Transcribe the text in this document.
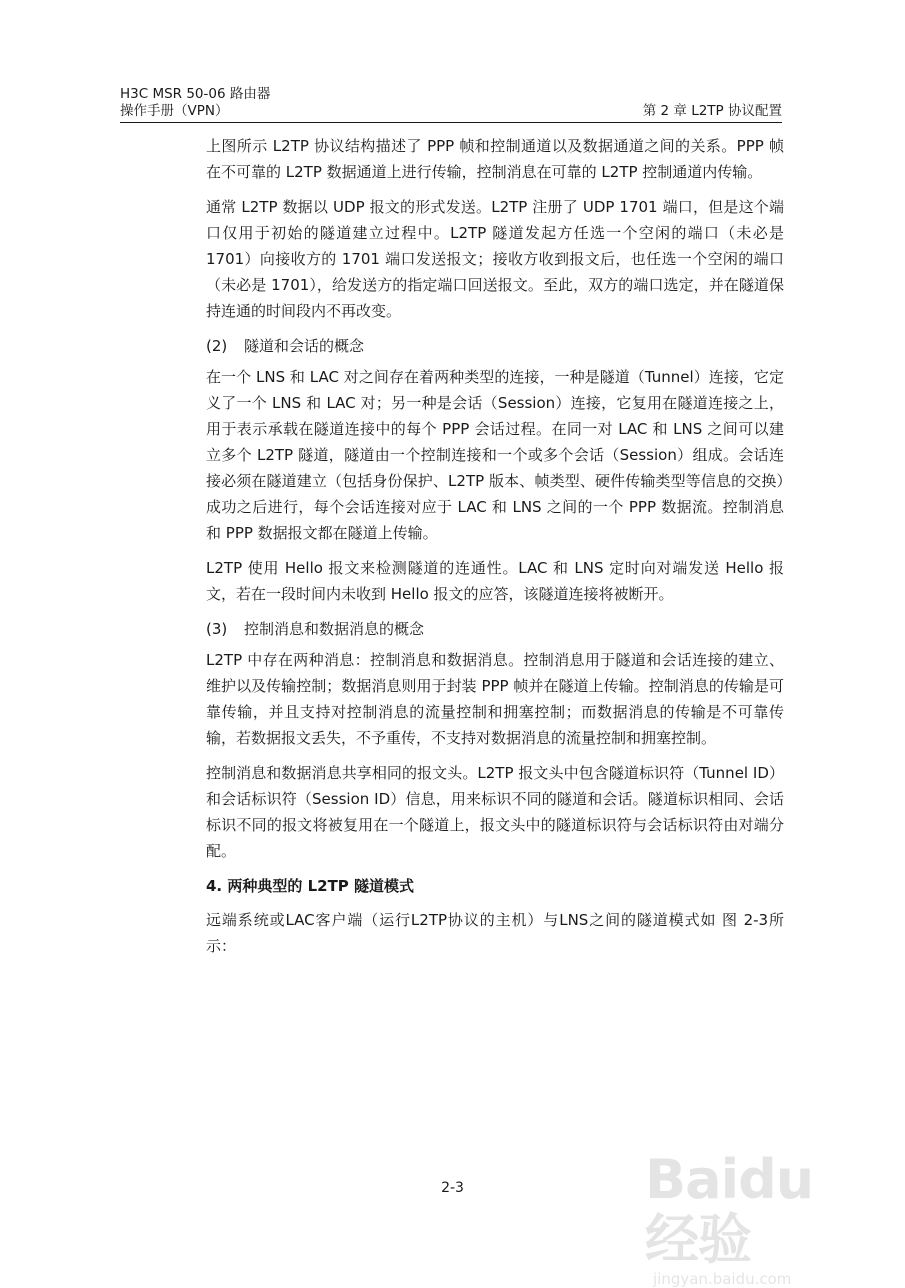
H3C MSR 50-06 路由器
操作手册（VPN）	第 2 章 L2TP 协议配置

上图所示 L2TP 协议结构描述了 PPP 帧和控制通道以及数据通道之间的关系。PPP 帧在不可靠的 L2TP 数据通道上进行传输，控制消息在可靠的 L2TP 控制通道内传输。

通常 L2TP 数据以 UDP 报文的形式发送。L2TP 注册了 UDP 1701 端口，但是这个端口仅用于初始的隧道建立过程中。L2TP 隧道发起方任选一个空闲的端口（未必是 1701）向接收方的 1701 端口发送报文；接收方收到报文后，也任选一个空闲的端口（未必是 1701），给发送方的指定端口回送报文。至此，双方的端口选定，并在隧道保持连通的时间段内不再改变。

(2) 隧道和会话的概念

在一个 LNS 和 LAC 对之间存在着两种类型的连接，一种是隧道（Tunnel）连接，它定义了一个 LNS 和 LAC 对；另一种是会话（Session）连接，它复用在隧道连接之上，用于表示承载在隧道连接中的每个 PPP 会话过程。在同一对 LAC 和 LNS 之间可以建立多个 L2TP 隧道，隧道由一个控制连接和一个或多个会话（Session）组成。会话连接必须在隧道建立（包括身份保护、L2TP 版本、帧类型、硬件传输类型等信息的交换）成功之后进行，每个会话连接对应于 LAC 和 LNS 之间的一个 PPP 数据流。控制消息和 PPP 数据报文都在隧道上传输。

L2TP 使用 Hello 报文来检测隧道的连通性。LAC 和 LNS 定时向对端发送 Hello 报文，若在一段时间内未收到 Hello 报文的应答，该隧道连接将被断开。

(3) 控制消息和数据消息的概念

L2TP 中存在两种消息：控制消息和数据消息。控制消息用于隧道和会话连接的建立、维护以及传输控制；数据消息则用于封装 PPP 帧并在隧道上传输。控制消息的传输是可靠传输，并且支持对控制消息的流量控制和拥塞控制；而数据消息的传输是不可靠传输，若数据报文丢失，不予重传，不支持对数据消息的流量控制和拥塞控制。

控制消息和数据消息共享相同的报文头。L2TP 报文头中包含隧道标识符（Tunnel ID）和会话标识符（Session ID）信息，用来标识不同的隧道和会话。隧道标识相同、会话标识不同的报文将被复用在一个隧道上，报文头中的隧道标识符与会话标识符由对端分配。

4. 两种典型的 L2TP 隧道模式

远端系统或LAC客户端（运行L2TP协议的主机）与LNS之间的隧道模式如 图 2-3所示：

2-3	Baidu经验
jingyan.baidu.com
